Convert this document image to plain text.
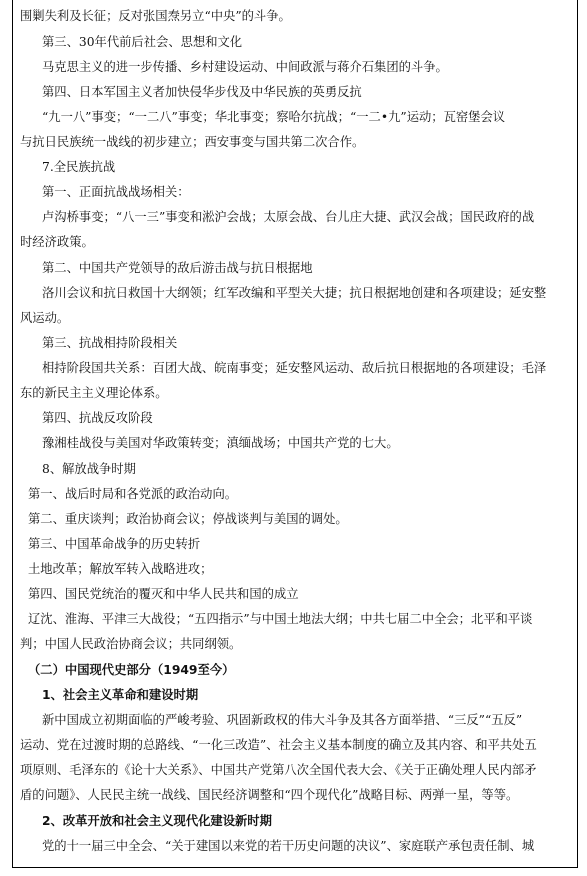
围剿失利及长征；反对张国焘另立“中央”的斗争。
第三、30年代前后社会、思想和文化
马克思主义的进一步传播、乡村建设运动、中间政派与蒋介石集团的斗争。
第四、日本军国主义者加快侵华步伐及中华民族的英勇反抗
“九一八”事变；“一二八”事变；华北事变；察哈尔抗战；“一二•九”运动；瓦窑堡会议
与抗日民族统一战线的初步建立；西安事变与国共第二次合作。
7.全民族抗战
第一、正面抗战战场相关：
卢沟桥事变；“八一三”事变和淞沪会战；太原会战、台儿庄大捷、武汉会战；国民政府的战
时经济政策。
第二、中国共产党领导的敌后游击战与抗日根据地
洛川会议和抗日救国十大纲领；红军改编和平型关大捷；抗日根据地创建和各项建设；延安整
风运动。
第三、抗战相持阶段相关
相持阶段国共关系：百团大战、皖南事变；延安整风运动、敌后抗日根据地的各项建设；毛泽
东的新民主主义理论体系。
第四、抗战反攻阶段
豫湘桂战役与美国对华政策转变；滇缅战场；中国共产党的七大。
8、解放战争时期
第一、战后时局和各党派的政治动向。
第二、重庆谈判；政治协商会议；停战谈判与美国的调处。
第三、中国革命战争的历史转折
土地改革；解放军转入战略进攻；
第四、国民党统治的覆灭和中华人民共和国的成立
辽沈、淮海、平津三大战役；“五四指示”与中国土地法大纲；中共七届二中全会；北平和平谈
判；中国人民政治协商会议；共同纲领。
（二）中国现代史部分（1949至今）
1、社会主义革命和建设时期
新中国成立初期面临的严峻考验、巩固新政权的伟大斗争及其各方面举措、“三反”“五反”
运动、党在过渡时期的总路线、“一化三改造”、社会主义基本制度的确立及其内容、和平共处五
项原则、毛泽东的《论十大关系》、中国共产党第八次全国代表大会、《关于正确处理人民内部矛
盾的问题》、人民民主统一战线、国民经济调整和“四个现代化”战略目标、两弹一星，等等。
2、改革开放和社会主义现代化建设新时期
党的十一届三中全会、“关于建国以来党的若干历史问题的决议”、家庭联产承包责任制、城
